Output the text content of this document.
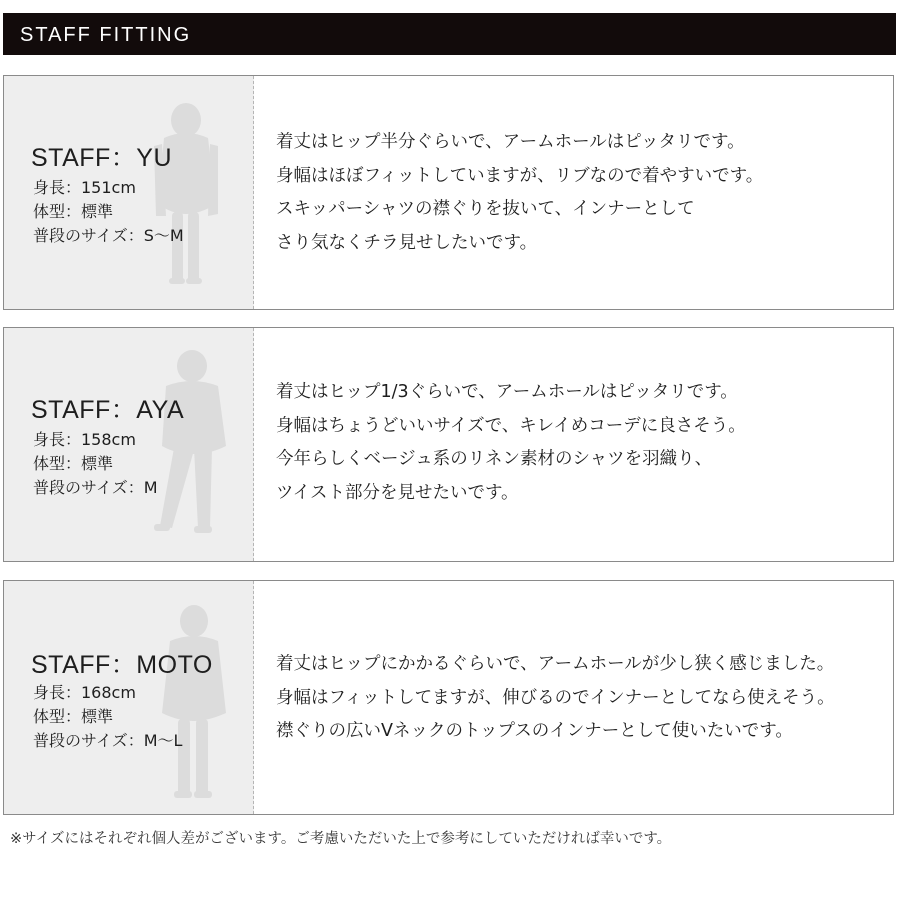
STAFF FITTING
STAFF：YU
身長：151cm
体型：標準
普段のサイズ：S〜M
着丈はヒップ半分ぐらいで、アームホールはピッタリです。
身幅はほぼフィットしていますが、リブなので着やすいです。
スキッパーシャツの襟ぐりを抜いて、インナーとして
さり気なくチラ見せしたいです。
STAFF：AYA
身長：158cm
体型：標準
普段のサイズ：M
着丈はヒップ1/3ぐらいで、アームホールはピッタリです。
身幅はちょうどいいサイズで、キレイめコーデに良さそう。
今年らしくベージュ系のリネン素材のシャツを羽織り、
ツイスト部分を見せたいです。
STAFF：MOTO
身長：168cm
体型：標準
普段のサイズ：M〜L
着丈はヒップにかかるぐらいで、アームホールが少し狭く感じました。
身幅はフィットしてますが、伸びるのでインナーとしてなら使えそう。
襟ぐりの広いVネックのトップスのインナーとして使いたいです。
※サイズにはそれぞれ個人差がございます。ご考慮いただいた上で参考にしていただければ幸いです。
